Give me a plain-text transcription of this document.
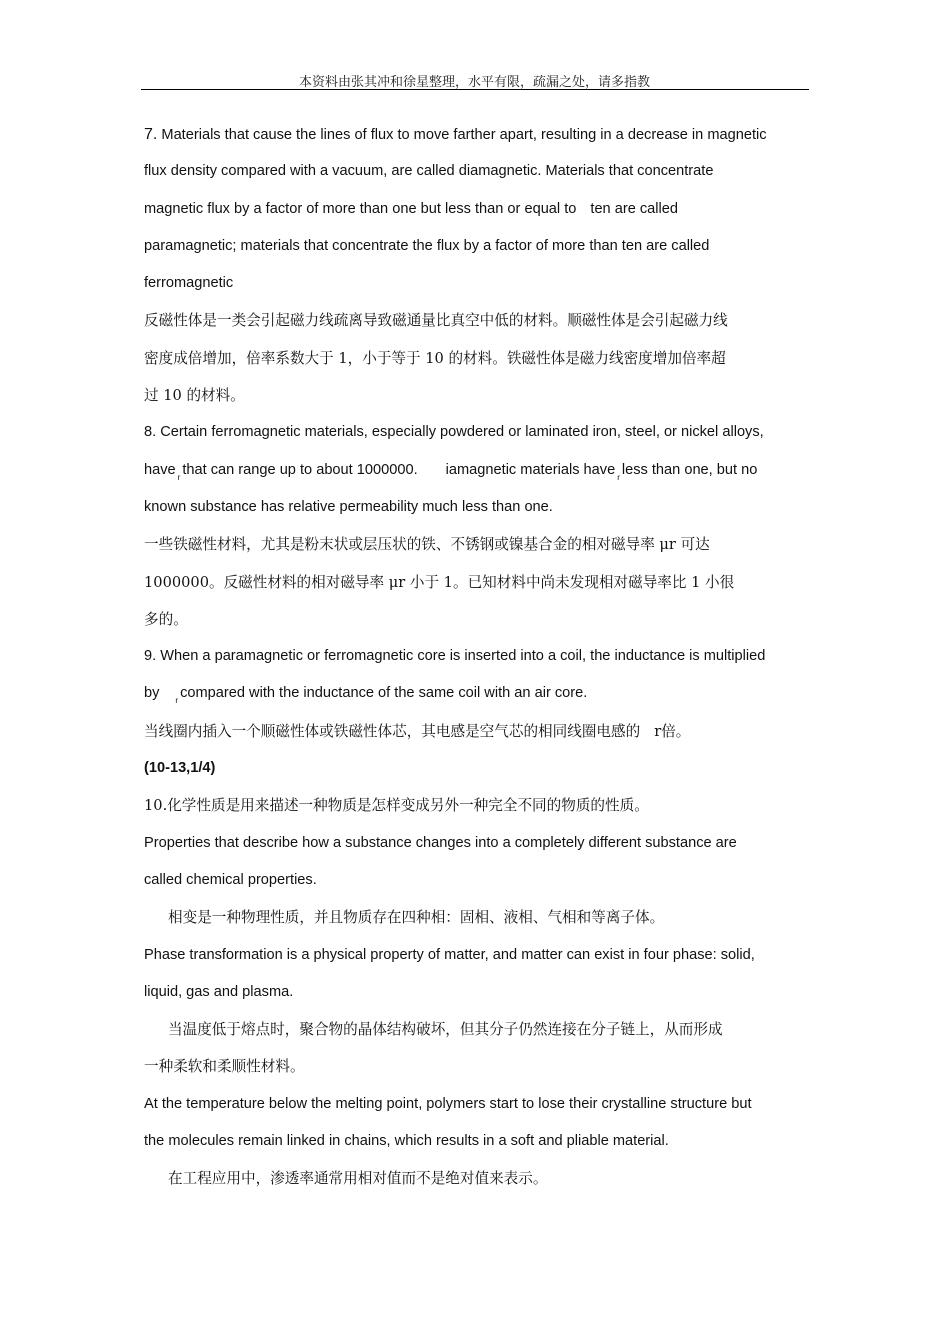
本资料由张其冲和徐星整理，水平有限，疏漏之处，请多指教
7. Materials that cause the lines of flux to move farther apart, resulting in a decrease in magnetic
flux density compared with a vacuum, are called diamagnetic. Materials that concentrate
magnetic flux by a factor of more than one but less than or equal to ten are called
paramagnetic; materials that concentrate the flux by a factor of more than ten are called
ferromagnetic
反磁性体是一类会引起磁力线疏离导致磁通量比真空中低的材料。顺磁性体是会引起磁力线
密度成倍增加，倍率系数大于 1，小于等于 10 的材料。铁磁性体是磁力线密度增加倍率超
过 10 的材料。
8. Certain ferromagnetic materials, especially powdered or laminated iron, steel, or nickel alloys,
have $_r$ that can range up to about 1000000. iamagnetic materials have $_r$ less than one, but no
known substance has relative permeability much less than one.
一些铁磁性材料，尤其是粉末状或层压状的铁、不锈钢或镍基合金的相对磁导率 μr 可达
1000000。反磁性材料的相对磁导率 μr 小于 1。已知材料中尚未发现相对磁导率比 1 小很
多的。
9. When a paramagnetic or ferromagnetic core is inserted into a coil, the inductance is multiplied
by $_r$ compared with the inductance of the same coil with an air core.
当线圈内插入一个顺磁性体或铁磁性体芯，其电感是空气芯的相同线圈电感的 r倍。
(10-13,1/4)
10.化学性质是用来描述一种物质是怎样变成另外一种完全不同的物质的性质。
Properties that describe how a substance changes into a completely different substance are
called chemical properties.
相变是一种物理性质，并且物质存在四种相：固相、液相、气相和等离子体。
Phase transformation is a physical property of matter, and matter can exist in four phase: solid,
liquid, gas and plasma.
当温度低于熔点时，聚合物的晶体结构破坏，但其分子仍然连接在分子链上，从而形成
一种柔软和柔顺性材料。
At the temperature below the melting point, polymers start to lose their crystalline structure but
the molecules remain linked in chains, which results in a soft and pliable material.
在工程应用中，渗透率通常用相对值而不是绝对值来表示。
